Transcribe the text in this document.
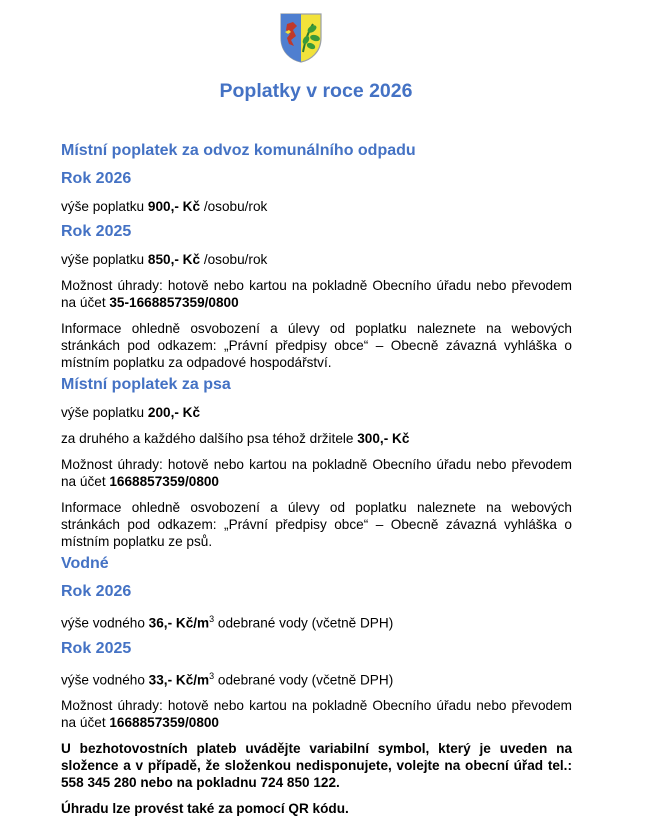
Poplatky v roce 2026
Místní poplatek za odvoz komunálního odpadu
Rok 2026

výše poplatku 900,- Kč /osobu/rok

Rok 2025

výše poplatku 850,- Kč /osobu/rok

Možnost úhrady: hotově nebo kartou na pokladně Obecního úřadu nebo převodem na účet 35-1668857359/0800

Informace ohledně osvobození a úlevy od poplatku naleznete na webových stránkách pod odkazem: „Právní předpisy obce“ – Obecně závazná vyhláška o místním poplatku za odpadové hospodářství.

Místní poplatek za psa

výše poplatku 200,- Kč

za druhého a každého dalšího psa téhož držitele 300,- Kč

Možnost úhrady: hotově nebo kartou na pokladně Obecního úřadu nebo převodem na účet 1668857359/0800

Informace ohledně osvobození a úlevy od poplatku naleznete na webových stránkách pod odkazem: „Právní předpisy obce“ – Obecně závazná vyhláška o místním poplatku ze psů.

Vodné
Rok 2026

výše vodného 36,- $Kč/m^3$ odebrané vody (včetně DPH)

Rok 2025

výše vodného 33,- $Kč/m^3$ odebrané vody (včetně DPH)

Možnost úhrady: hotově nebo kartou na pokladně Obecního úřadu nebo převodem na účet 1668857359/0800

U bezhotovostních plateb uvádějte variabilní symbol, který je uveden na složence a v případě, že složenkou nedisponujete, volejte na obecní úřad tel.: 558 345 280 nebo na pokladnu 724 850 122.

Úhradu lze provést také za pomocí QR kódu.
